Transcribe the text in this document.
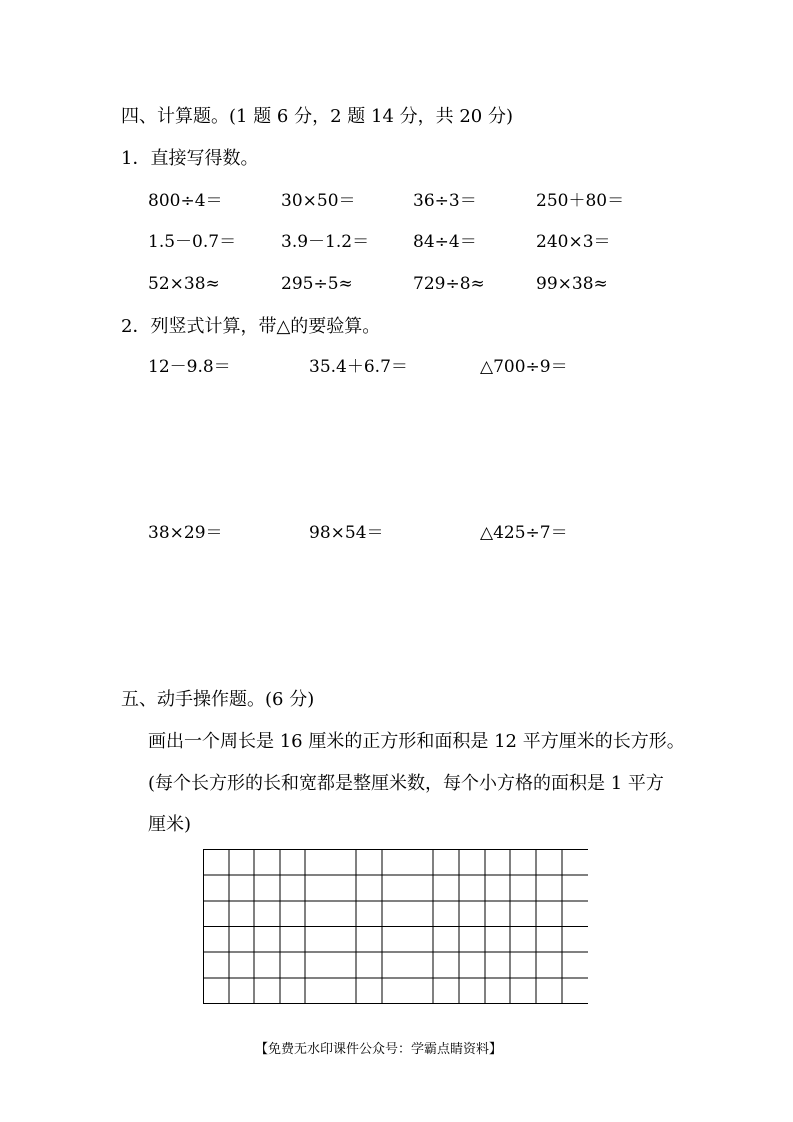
四、计算题。(1 题 6 分，2 题 14 分，共 20 分)
1．直接写得数。
800÷4＝	30×50＝	36÷3＝	250＋80＝
1.5－0.7＝	3.9－1.2＝	84÷4＝	240×3＝
52×38≈	295÷5≈	729÷8≈	99×38≈
2．列竖式计算，带△的要验算。
12－9.8＝	35.4＋6.7＝	△700÷9＝
38×29＝	98×54＝	△425÷7＝
五、动手操作题。(6 分)
画出一个周长是 16 厘米的正方形和面积是 12 平方厘米的长方形。
(每个长方形的长和宽都是整厘米数，每个小方格的面积是 1 平方
厘米)
【免费无水印课件公众号：学霸点睛资料】
